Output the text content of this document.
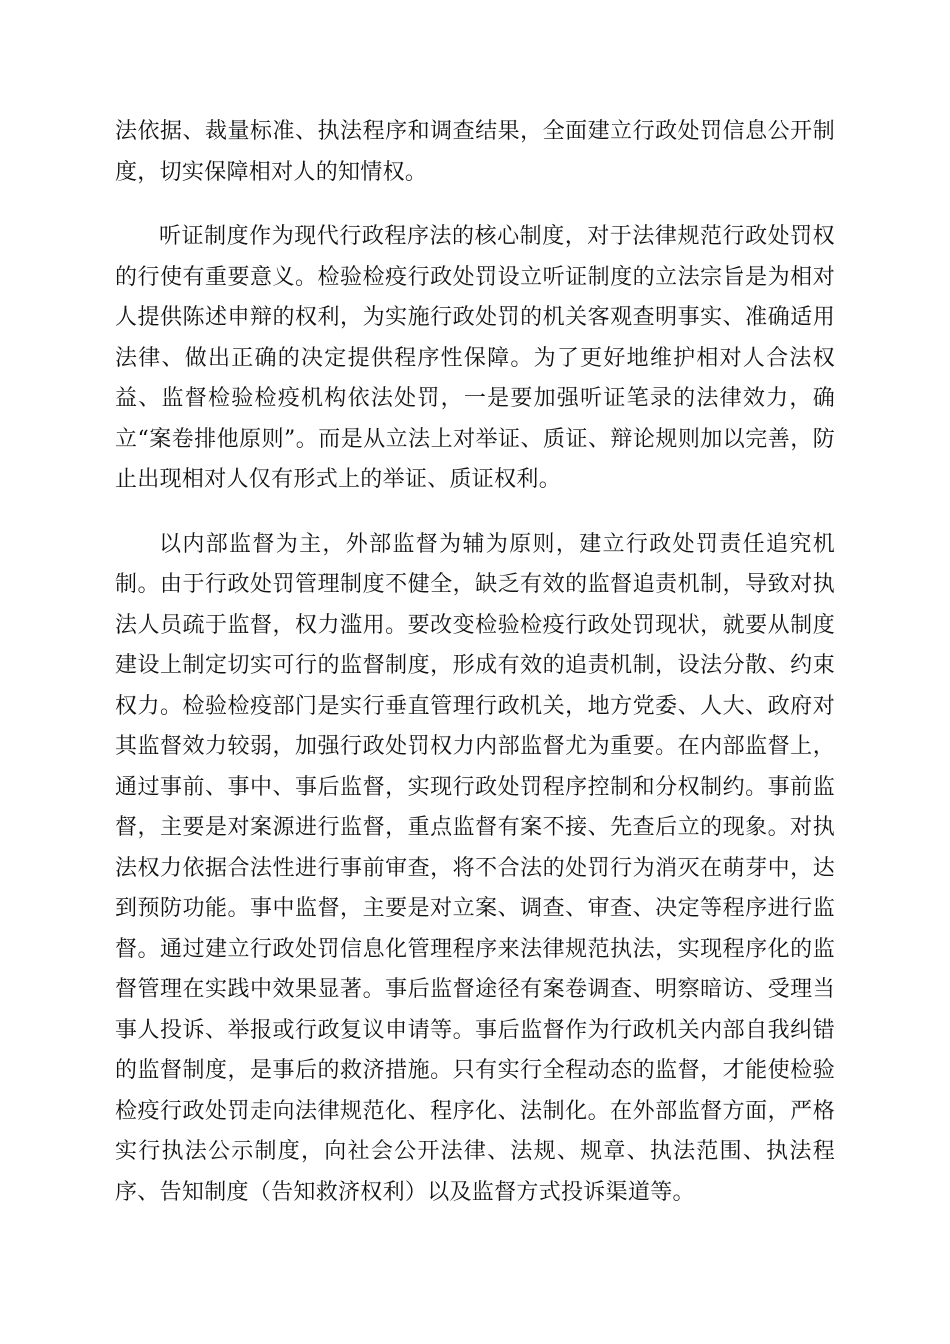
法依据、裁量标准、执法程序和调查结果，全面建立行政处罚信息公开制度，切实保障相对人的知情权。

听证制度作为现代行政程序法的核心制度，对于法律规范行政处罚权的行使有重要意义。检验检疫行政处罚设立听证制度的立法宗旨是为相对人提供陈述申辩的权利，为实施行政处罚的机关客观查明事实、准确适用法律、做出正确的决定提供程序性保障。为了更好地维护相对人合法权益、监督检验检疫机构依法处罚，一是要加强听证笔录的法律效力，确立“案卷排他原则”。而是从立法上对举证、质证、辩论规则加以完善，防止出现相对人仅有形式上的举证、质证权利。

以内部监督为主，外部监督为辅为原则，建立行政处罚责任追究机制。由于行政处罚管理制度不健全，缺乏有效的监督追责机制，导致对执法人员疏于监督，权力滥用。要改变检验检疫行政处罚现状，就要从制度建设上制定切实可行的监督制度，形成有效的追责机制，设法分散、约束权力。检验检疫部门是实行垂直管理行政机关，地方党委、人大、政府对其监督效力较弱，加强行政处罚权力内部监督尤为重要。在内部监督上，通过事前、事中、事后监督，实现行政处罚程序控制和分权制约。事前监督，主要是对案源进行监督，重点监督有案不接、先查后立的现象。对执法权力依据合法性进行事前审查，将不合法的处罚行为消灭在萌芽中，达到预防功能。事中监督，主要是对立案、调查、审查、决定等程序进行监督。通过建立行政处罚信息化管理程序来法律规范执法，实现程序化的监督管理在实践中效果显著。事后监督途径有案卷调查、明察暗访、受理当事人投诉、举报或行政复议申请等。事后监督作为行政机关内部自我纠错的监督制度，是事后的救济措施。只有实行全程动态的监督，才能使检验检疫行政处罚走向法律规范化、程序化、法制化。在外部监督方面，严格实行执法公示制度，向社会公开法律、法规、规章、执法范围、执法程序、告知制度（告知救济权利）以及监督方式投诉渠道等。
